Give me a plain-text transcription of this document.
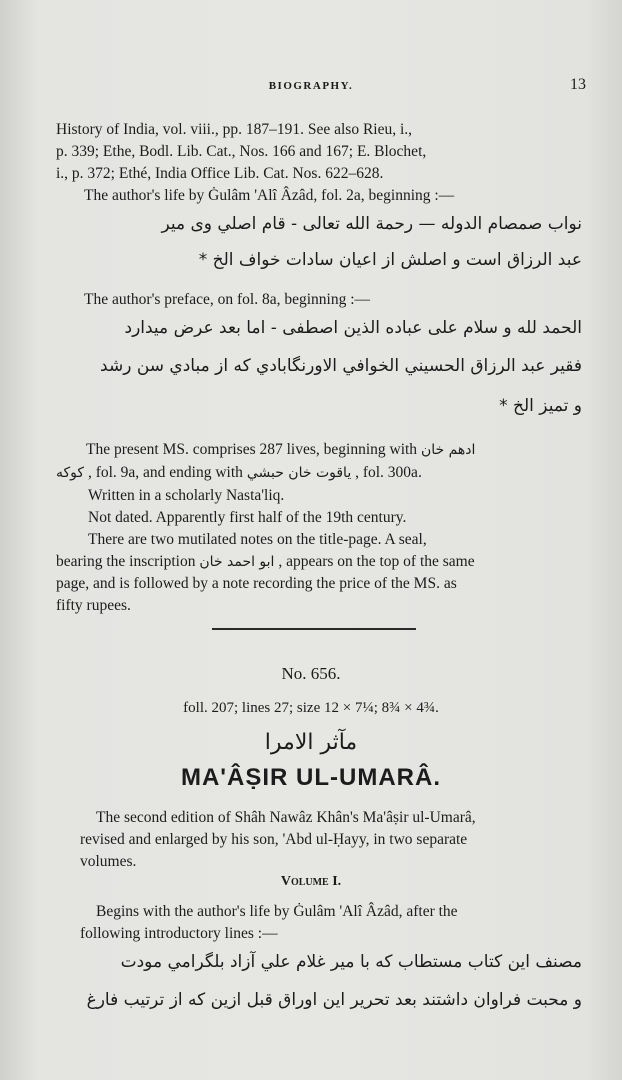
BIOGRAPHY.	13
History of India, vol. viii., pp. 187–191. See also Rieu, i.,
p. 339; Ethe, Bodl. Lib. Cat., Nos. 166 and 167; E. Blochet,
i., p. 372; Ethé, India Office Lib. Cat. Nos. 622–628.
The author's life by Ġulâm 'Alî Âzâd, fol. 2a, beginning :—
نواب صمصام الدوله — رحمة الله تعالى - قام اصلي وى مير
عبد الرزاق است و اصلش از اعيان سادات خواف الخ *
The author's preface, on fol. 8a, beginning :—
الحمد لله و سلام على عباده الذين اصطفى - اما بعد عرض ميدارد
فقير عبد الرزاق الحسيني الخوافي الاورنگابادي كه از مبادي سن رشد
و تميز الخ *
The present MS. comprises 287 lives, beginning with ادهم خان
كوكه , fol. 9a, and ending with ياقوت خان حبشي , fol. 300a.
Written in a scholarly Nasta'liq.
Not dated. Apparently first half of the 19th century.
There are two mutilated notes on the title-page. A seal,
bearing the inscription ابو احمد خان , appears on the top of the same
page, and is followed by a note recording the price of the MS. as
fifty rupees.
No. 656.
foll. 207; lines 27; size 12 × 7¼; 8¾ × 4¾.
مآثر الامرا
MA'ÂṢIR UL-UMARÂ.
The second edition of Shâh Nawâz Khân's Ma'âṣir ul-Umarâ,
revised and enlarged by his son, 'Abd ul-Ḥayy, in two separate
volumes.
Volume I.
Begins with the author's life by Ġulâm 'Alî Âzâd, after the
following introductory lines :—
مصنف اين كتاب مستطاب كه با مير غلام علي آزاد بلگرامي مودت
و محبت فراوان داشتند بعد تحرير اين اوراق قبل ازين كه از ترتيب فارغ
